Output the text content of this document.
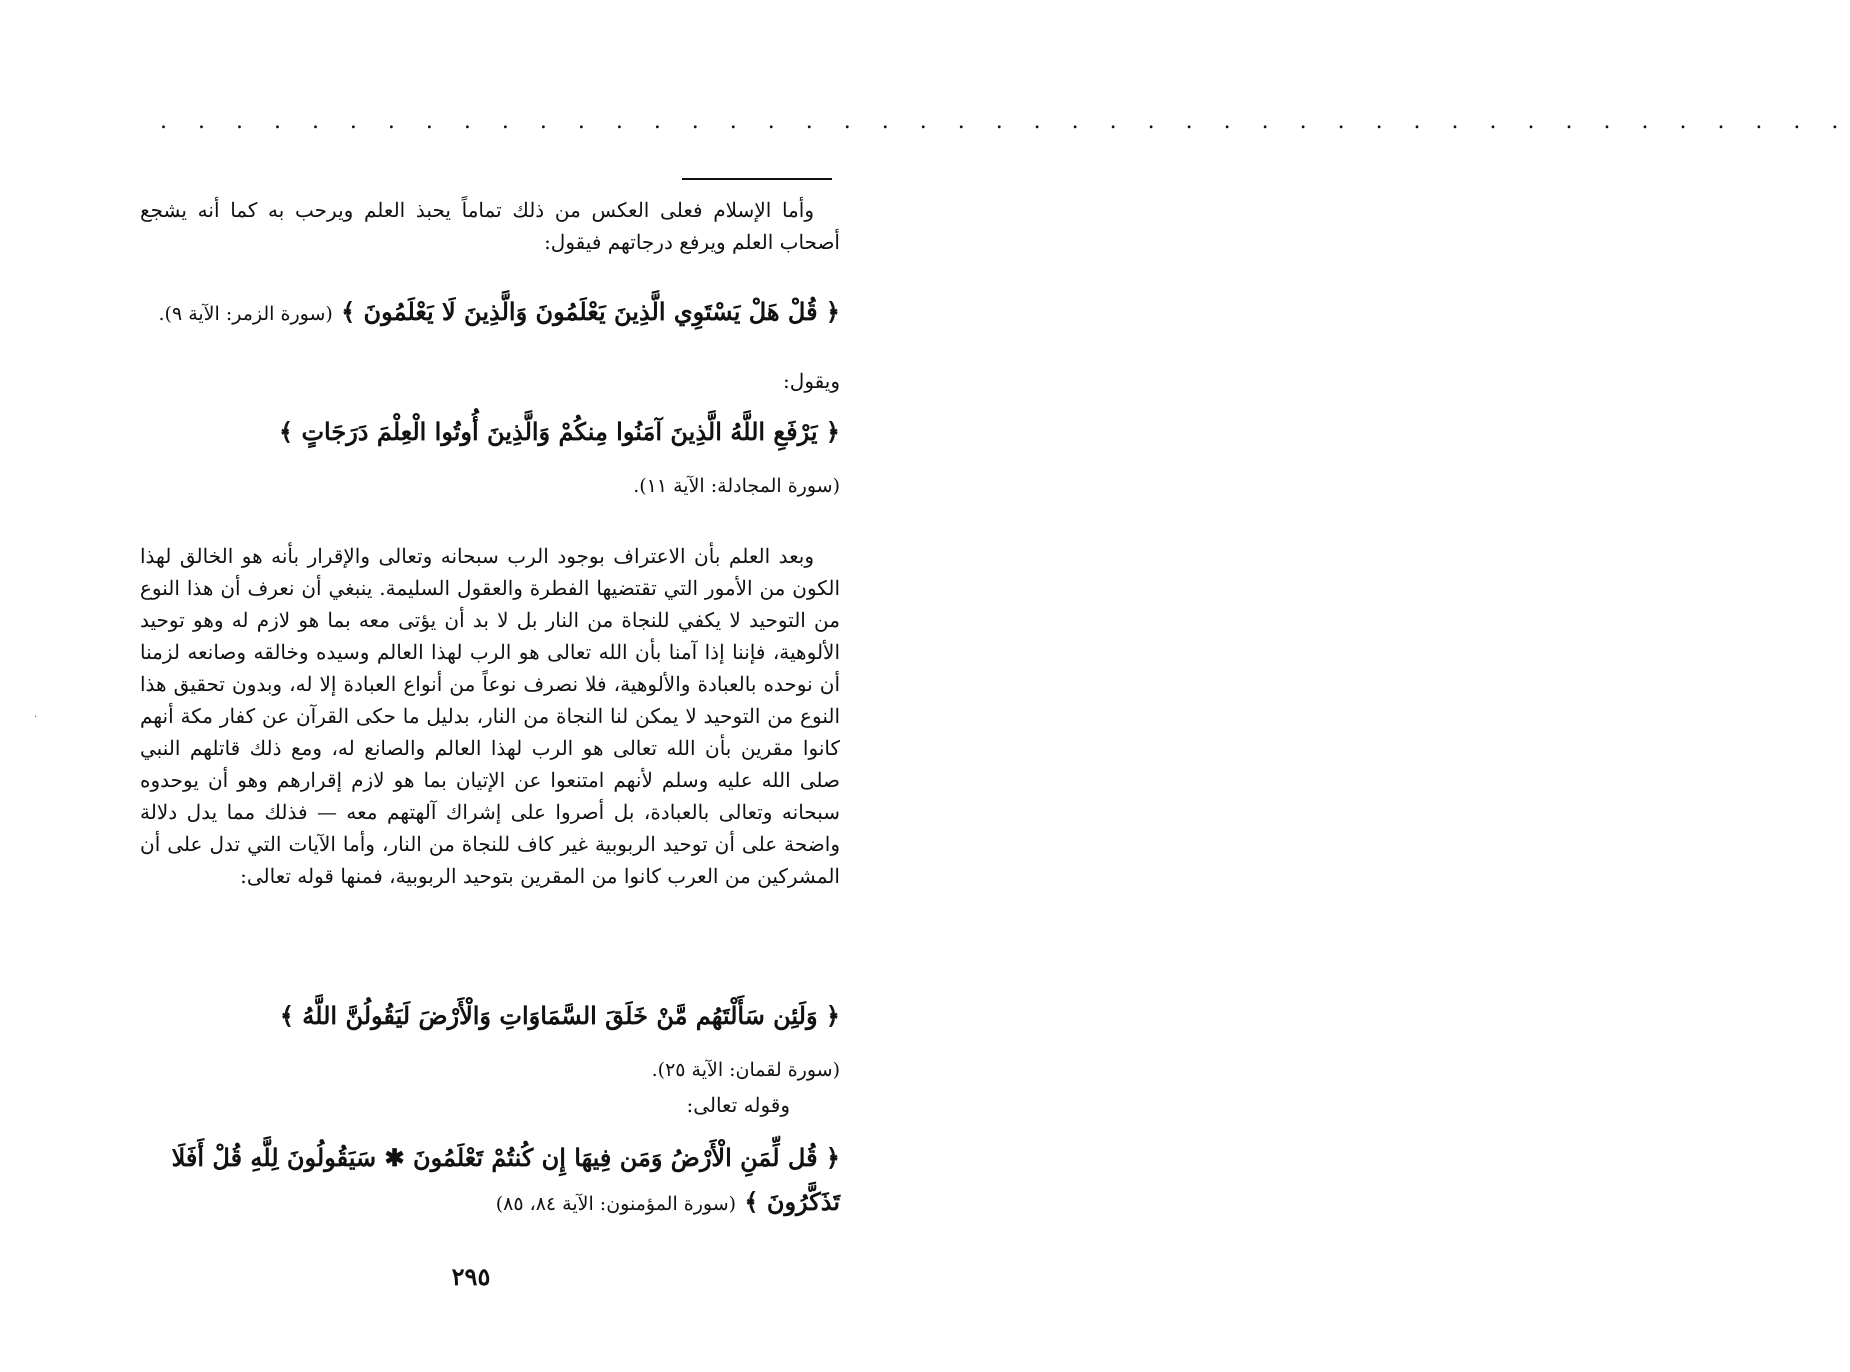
. . . . . . . . . . . . . . . . . . . . . . . . . . . . . . . . . . . . . . . . . . . . .
وأما الإسلام فعلى العكس من ذلك تماماً يحبذ العلم ويرحب به كما أنه يشجع أصحاب العلم ويرفع درجاتهم فيقول:
﴿ قُلْ هَلْ يَسْتَوِي الَّذِينَ يَعْلَمُونَ وَالَّذِينَ لَا يَعْلَمُونَ ﴾ (سورة الزمر: الآية ٩).
ويقول:
﴿ يَرْفَعِ اللَّهُ الَّذِينَ آمَنُوا مِنكُمْ وَالَّذِينَ أُوتُوا الْعِلْمَ دَرَجَاتٍ ﴾
(سورة المجادلة: الآية ١١).
وبعد العلم بأن الاعتراف بوجود الرب سبحانه وتعالى والإقرار بأنه هو الخالق لهذا الكون من الأمور التي تقتضيها الفطرة والعقول السليمة. ينبغي أن نعرف أن هذا النوع من التوحيد لا يكفي للنجاة من النار بل لا بد أن يؤتى معه بما هو لازم له وهو توحيد الألوهية، فإننا إذا آمنا بأن الله تعالى هو الرب لهذا العالم وسيده وخالقه وصانعه لزمنا أن نوحده بالعبادة والألوهية، فلا نصرف نوعاً من أنواع العبادة إلا له، وبدون تحقيق هذا النوع من التوحيد لا يمكن لنا النجاة من النار، بدليل ما حكى القرآن عن كفار مكة أنهم كانوا مقرين بأن الله تعالى هو الرب لهذا العالم والصانع له، ومع ذلك قاتلهم النبي صلى الله عليه وسلم لأنهم امتنعوا عن الإتيان بما هو لازم إقرارهم وهو أن يوحدوه سبحانه وتعالى بالعبادة، بل أصروا على إشراك آلهتهم معه — فذلك مما يدل دلالة واضحة على أن توحيد الربوبية غير كاف للنجاة من النار، وأما الآيات التي تدل على أن المشركين من العرب كانوا من المقرين بتوحيد الربوبية، فمنها قوله تعالى:
﴿ وَلَئِن سَأَلْتَهُم مَّنْ خَلَقَ السَّمَاوَاتِ وَالْأَرْضَ لَيَقُولُنَّ اللَّهُ ﴾
(سورة لقمان: الآية ٢٥).
وقوله تعالى:
﴿ قُل لِّمَنِ الْأَرْضُ وَمَن فِيهَا إِن كُنتُمْ تَعْلَمُونَ ✱ سَيَقُولُونَ لِلَّهِ قُلْ أَفَلَا تَذَكَّرُونَ ﴾ (سورة المؤمنون: الآية ٨٤، ٨٥)
٢٩٥
·
